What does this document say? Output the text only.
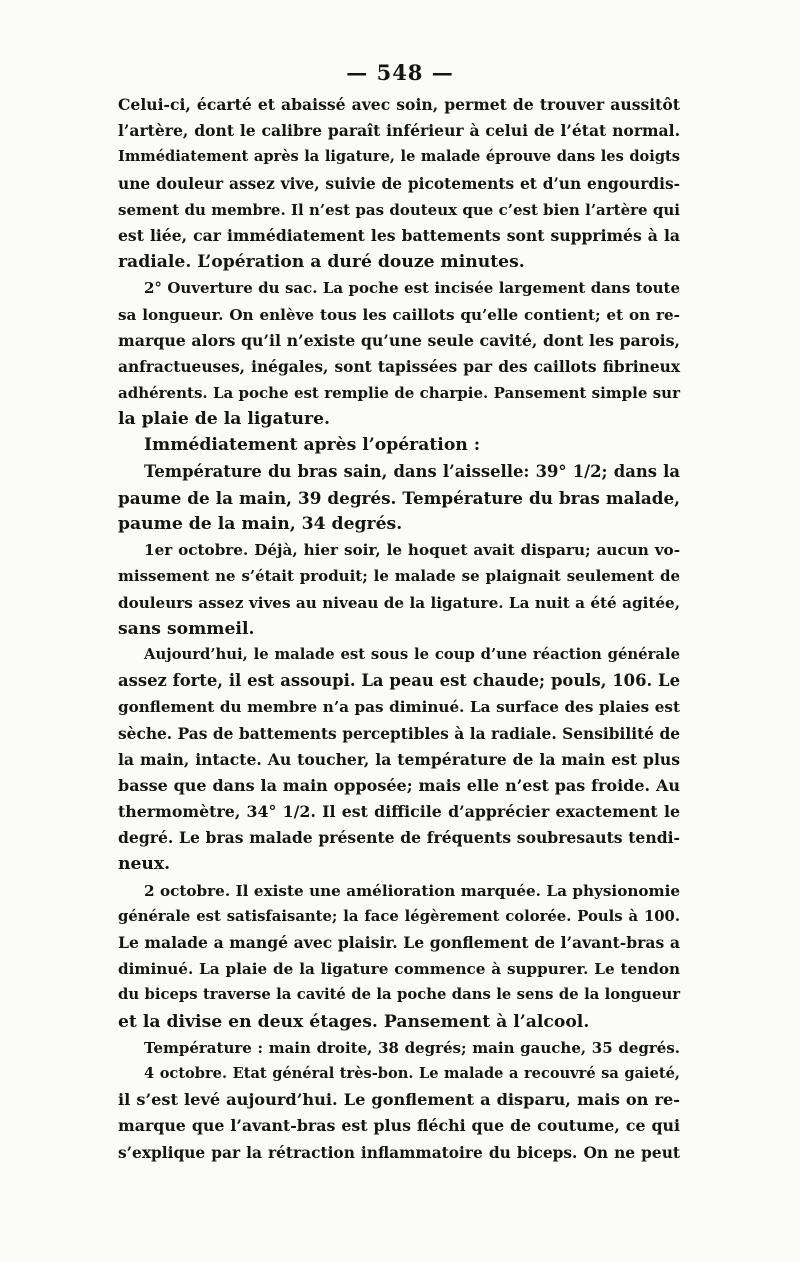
— 548 —
Celui-ci, écarté et abaissé avec soin, permet de trouver aussitôt
l’artère, dont le calibre paraît inférieur à celui de l’état normal.
Immédiatement après la ligature, le malade éprouve dans les doigts
une douleur assez vive, suivie de picotements et d’un engourdis-
sement du membre. Il n’est pas douteux que c’est bien l’artère qui
est liée, car immédiatement les battements sont supprimés à la
radiale. L’opération a duré douze minutes.
2° Ouverture du sac. La poche est incisée largement dans toute
sa longueur. On enlève tous les caillots qu’elle contient; et on re-
marque alors qu’il n’existe qu’une seule cavité, dont les parois,
anfractueuses, inégales, sont tapissées par des caillots fibrineux
adhérents. La poche est remplie de charpie. Pansement simple sur
la plaie de la ligature.
Immédiatement après l’opération :
Température du bras sain, dans l’aisselle: 39° 1/2; dans la
paume de la main, 39 degrés. Température du bras malade,
paume de la main, 34 degrés.
1er octobre. Déjà, hier soir, le hoquet avait disparu; aucun vo-
missement ne s’était produit; le malade se plaignait seulement de
douleurs assez vives au niveau de la ligature. La nuit a été agitée,
sans sommeil.
Aujourd’hui, le malade est sous le coup d’une réaction générale
assez forte, il est assoupi. La peau est chaude; pouls, 106. Le
gonflement du membre n’a pas diminué. La surface des plaies est
sèche. Pas de battements perceptibles à la radiale. Sensibilité de
la main, intacte. Au toucher, la température de la main est plus
basse que dans la main opposée; mais elle n’est pas froide. Au
thermomètre, 34° 1/2. Il est difficile d’apprécier exactement le
degré. Le bras malade présente de fréquents soubresauts tendi-
neux.
2 octobre. Il existe une amélioration marquée. La physionomie
générale est satisfaisante; la face légèrement colorée. Pouls à 100.
Le malade a mangé avec plaisir. Le gonflement de l’avant-bras a
diminué. La plaie de la ligature commence à suppurer. Le tendon
du biceps traverse la cavité de la poche dans le sens de la longueur
et la divise en deux étages. Pansement à l’alcool.
Température : main droite, 38 degrés; main gauche, 35 degrés.
4 octobre. Etat général très-bon. Le malade a recouvré sa gaieté,
il s’est levé aujourd’hui. Le gonflement a disparu, mais on re-
marque que l’avant-bras est plus fléchi que de coutume, ce qui
s’explique par la rétraction inflammatoire du biceps. On ne peut
